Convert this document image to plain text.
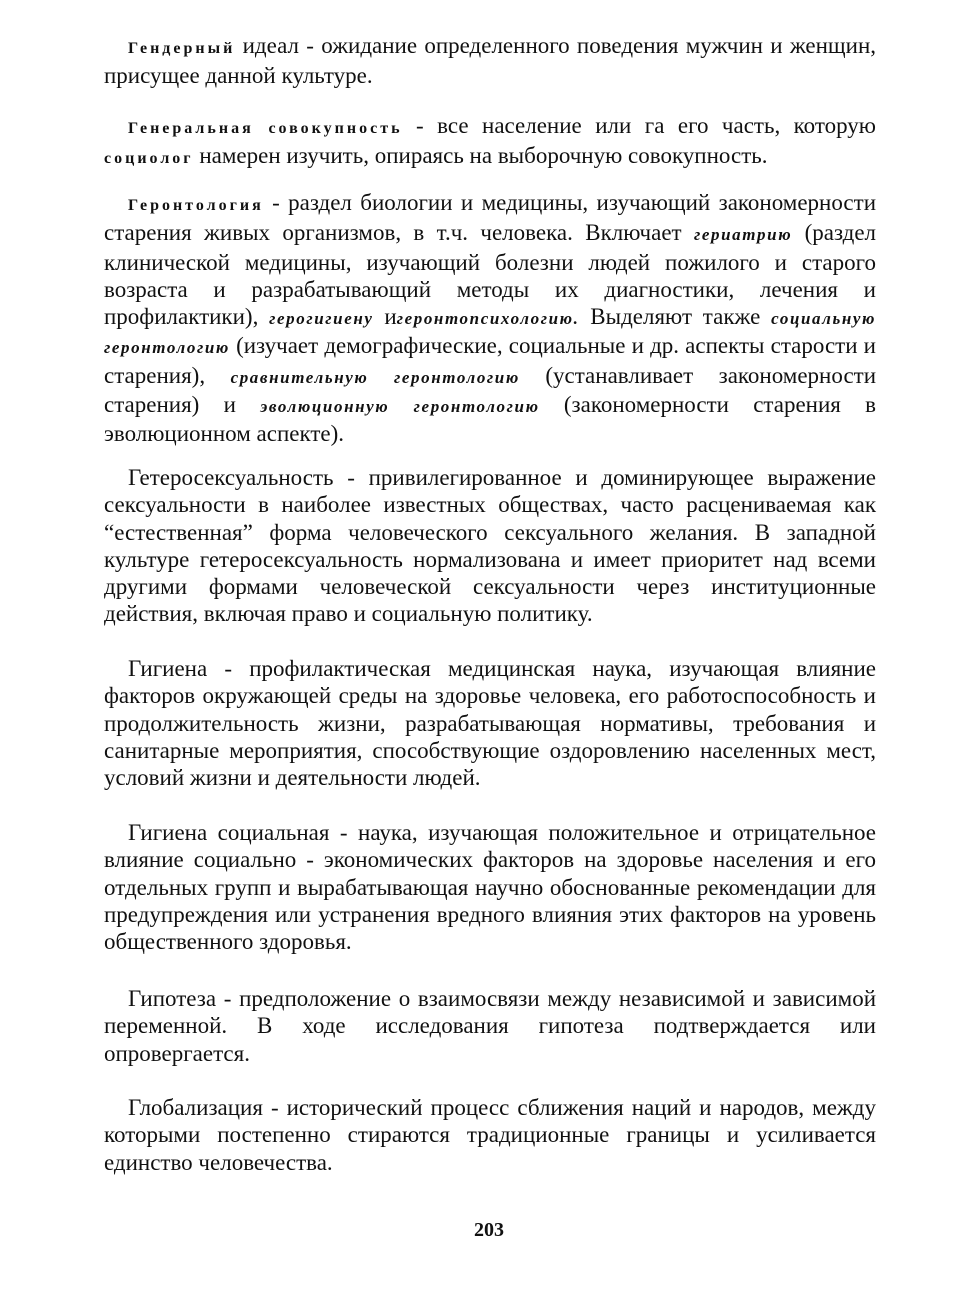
Гендерный идеал - ожидание определенного поведения мужчин и женщин, присущее данной культуре.

Генеральная совокупность - все население или га его часть, которую социолог намерен изучить, опираясь на выборочную совокупность.

Геронтология - раздел биологии и медицины, изучающий закономерности старения живых организмов, в т.ч. человека. Включает гериатрию (раздел клинической медицины, изучающий болезни людей пожилого и старого возраста и разрабатывающий методы их диагностики, лечения и профилактики), герогигиену игеронтопсихологию. Выделяют также социальную геронтологию (изучает демографические, социальные и др. аспекты старости и старения), сравнительную геронтологию (устанавливает закономерности старения) и эволюционную геронтологию (закономерности старения в эволюционном аспекте).

Гетеросексуальность - привилегированное и доминирующее выражение сексуальности в наиболее известных обществах, часто расцениваемая как “естественная” форма человеческого сексуального желания. В западной культуре гетеросексуальность нормализована и имеет приоритет над всеми другими формами человеческой сексуальности через институционные действия, включая право и социальную политику.

Гигиена - профилактическая медицинская наука, изучающая влияние факторов окружающей среды на здоровье человека, его работоспособность и продолжительность жизни, разрабатывающая нормативы, требования и санитарные мероприятия, способствующие оздоровлению населенных мест, условий жизни и деятельности людей.

Гигиена социальная - наука, изучающая положительное и отрицательное влияние социально - экономических факторов на здоровье населения и его отдельных групп и вырабатывающая научно обоснованные рекомендации для предупреждения или устранения вредного влияния этих факторов на уровень общественного здоровья.

Гипотеза - предположение о взаимосвязи между независимой и зависимой переменной. В ходе исследования гипотеза подтверждается или опровергается.

Глобализация - исторический процесс сближения наций и народов, между которыми постепенно стираются традиционные границы и усиливается единство человечества.

203
